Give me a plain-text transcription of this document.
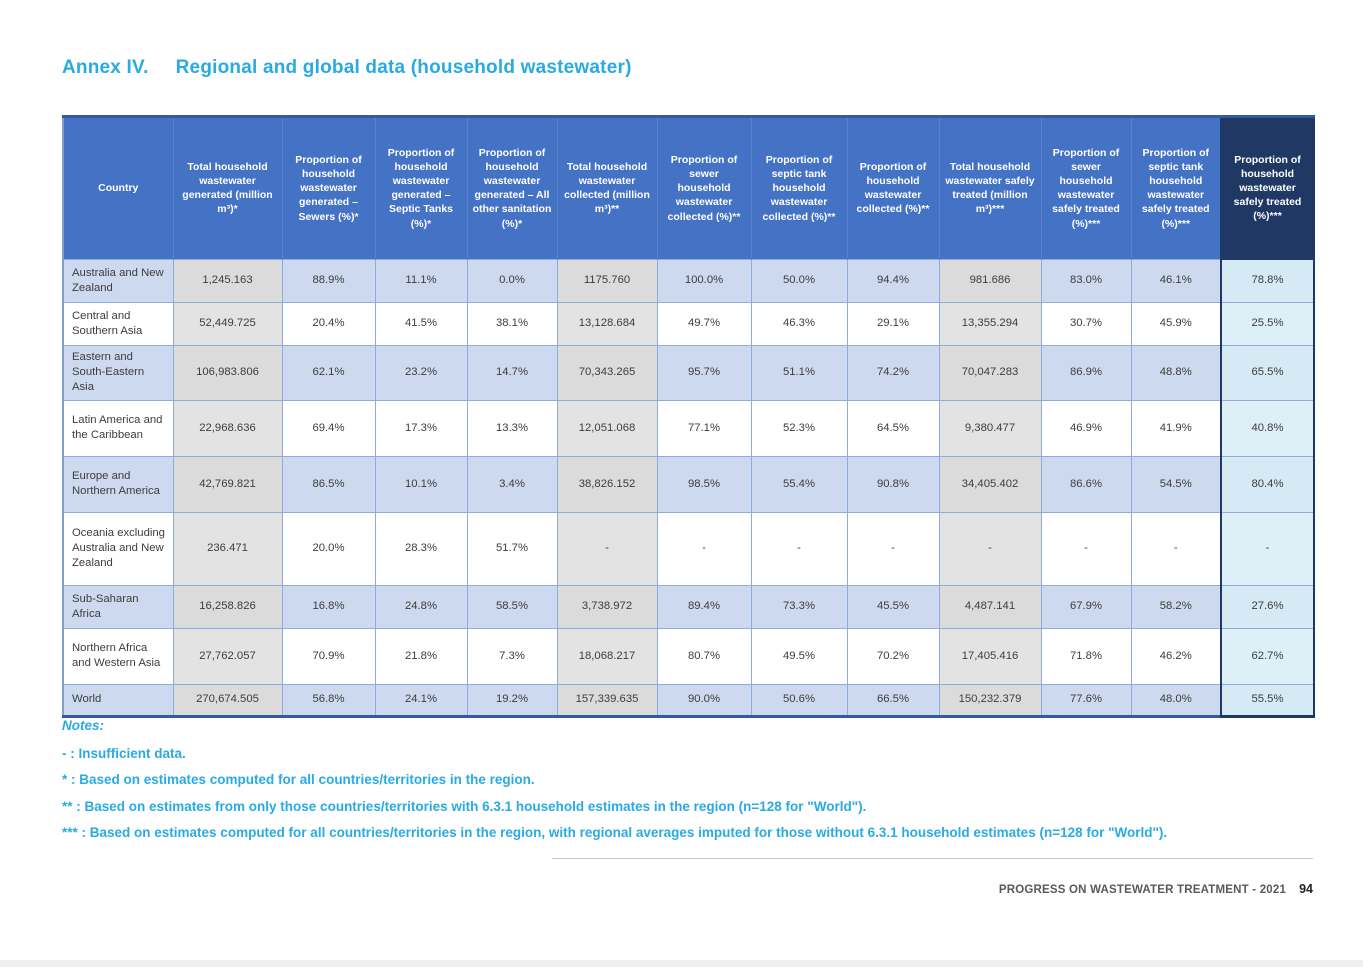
Annex IV. Regional and global data (household wastewater)
Country	Total household wastewater generated (million m³)*	Proportion of household wastewater generated – Sewers (%)*	Proportion of household wastewater generated – Septic Tanks (%)*	Proportion of household wastewater generated – All other sanitation (%)*	Total household wastewater collected (million m³)**	Proportion of sewer household wastewater collected (%)**	Proportion of septic tank household wastewater collected (%)**	Proportion of household wastewater collected (%)**	Total household wastewater safely treated (million m³)***	Proportion of sewer household wastewater safely treated (%)***	Proportion of septic tank household wastewater safely treated (%)***	Proportion of household wastewater safely treated (%)***
Australia and New Zealand	1,245.163	88.9%	11.1%	0.0%	1175.760	100.0%	50.0%	94.4%	981.686	83.0%	46.1%	78.8%
Central and Southern Asia	52,449.725	20.4%	41.5%	38.1%	13,128.684	49.7%	46.3%	29.1%	13,355.294	30.7%	45.9%	25.5%
Eastern and South-Eastern Asia	106,983.806	62.1%	23.2%	14.7%	70,343.265	95.7%	51.1%	74.2%	70,047.283	86.9%	48.8%	65.5%
Latin America and the Caribbean	22,968.636	69.4%	17.3%	13.3%	12,051.068	77.1%	52.3%	64.5%	9,380.477	46.9%	41.9%	40.8%
Europe and Northern America	42,769.821	86.5%	10.1%	3.4%	38,826.152	98.5%	55.4%	90.8%	34,405.402	86.6%	54.5%	80.4%
Oceania excluding Australia and New Zealand	236.471	20.0%	28.3%	51.7%	-	-	-	-	-	-	-	-
Sub-Saharan Africa	16,258.826	16.8%	24.8%	58.5%	3,738.972	89.4%	73.3%	45.5%	4,487.141	67.9%	58.2%	27.6%
Northern Africa and Western Asia	27,762.057	70.9%	21.8%	7.3%	18,068.217	80.7%	49.5%	70.2%	17,405.416	71.8%	46.2%	62.7%
World	270,674.505	56.8%	24.1%	19.2%	157,339.635	90.0%	50.6%	66.5%	150,232.379	77.6%	48.0%	55.5%
Notes:
- : Insufficient data.
* : Based on estimates computed for all countries/territories in the region.
** : Based on estimates from only those countries/territories with 6.3.1 household estimates in the region (n=128 for "World").
*** : Based on estimates computed for all countries/territories in the region, with regional averages imputed for those without 6.3.1 household estimates (n=128 for "World").
PROGRESS ON WASTEWATER TREATMENT - 2021 94
